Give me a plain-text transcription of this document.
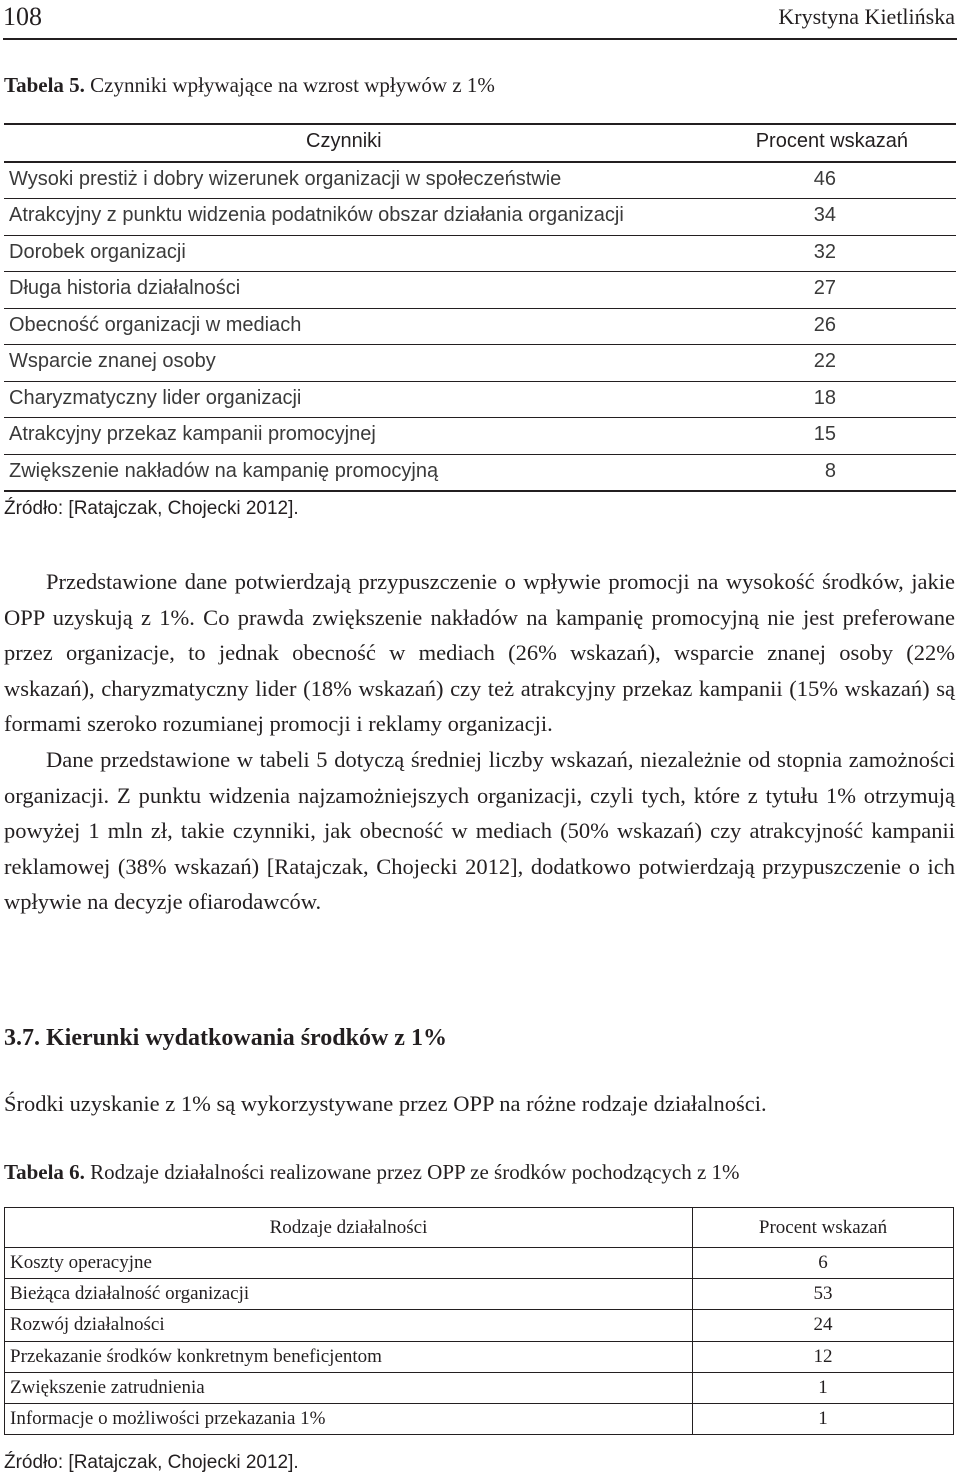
108	Krystyna Kietlińska
Tabela 5. Czynniki wpływające na wzrost wpływów z 1%
Czynniki	Procent wskazań
Wysoki prestiż i dobry wizerunek organizacji w społeczeństwie	46
Atrakcyjny z punktu widzenia podatników obszar działania organizacji	34
Dorobek organizacji	32
Długa historia działalności	27
Obecność organizacji w mediach	26
Wsparcie znanej osoby	22
Charyzmatyczny lider organizacji	18
Atrakcyjny przekaz kampanii promocyjnej	15
Zwiększenie nakładów na kampanię promocyjną	8
Źródło: [Ratajczak, Chojecki 2012].

Przedstawione dane potwierdzają przypuszczenie o wpływie promocji na wysokość środków, jakie OPP uzyskują z 1%. Co prawda zwiększenie nakładów na kampanię promocyjną nie jest preferowane przez organizacje, to jednak obecność w mediach (26% wskazań), wsparcie znanej osoby (22% wskazań), charyzmatyczny lider (18% wskazań) czy też atrakcyjny przekaz kampanii (15% wskazań) są formami szeroko rozumianej promocji i reklamy organizacji.

Dane przedstawione w tabeli 5 dotyczą średniej liczby wskazań, niezależnie od stopnia zamożności organizacji. Z punktu widzenia najzamożniejszych organizacji, czyli tych, które z tytułu 1% otrzymują powyżej 1 mln zł, takie czynniki, jak obecność w mediach (50% wskazań) czy atrakcyjność kampanii reklamowej (38% wskazań) [Ratajczak, Chojecki 2012], dodatkowo potwierdzają przypuszczenie o ich wpływie na decyzje ofiarodawców.

3.7. Kierunki wydatkowania środków z 1%
Środki uzyskanie z 1% są wykorzystywane przez OPP na różne rodzaje działalności.
Tabela 6. Rodzaje działalności realizowane przez OPP ze środków pochodzących z 1%
Rodzaje działalności	Procent wskazań
Koszty operacyjne	6
Bieżąca działalność organizacji	53
Rozwój działalności	24
Przekazanie środków konkretnym beneficjentom	12
Zwiększenie zatrudnienia	1
Informacje o możliwości przekazania 1%	1
Źródło: [Ratajczak, Chojecki 2012].
